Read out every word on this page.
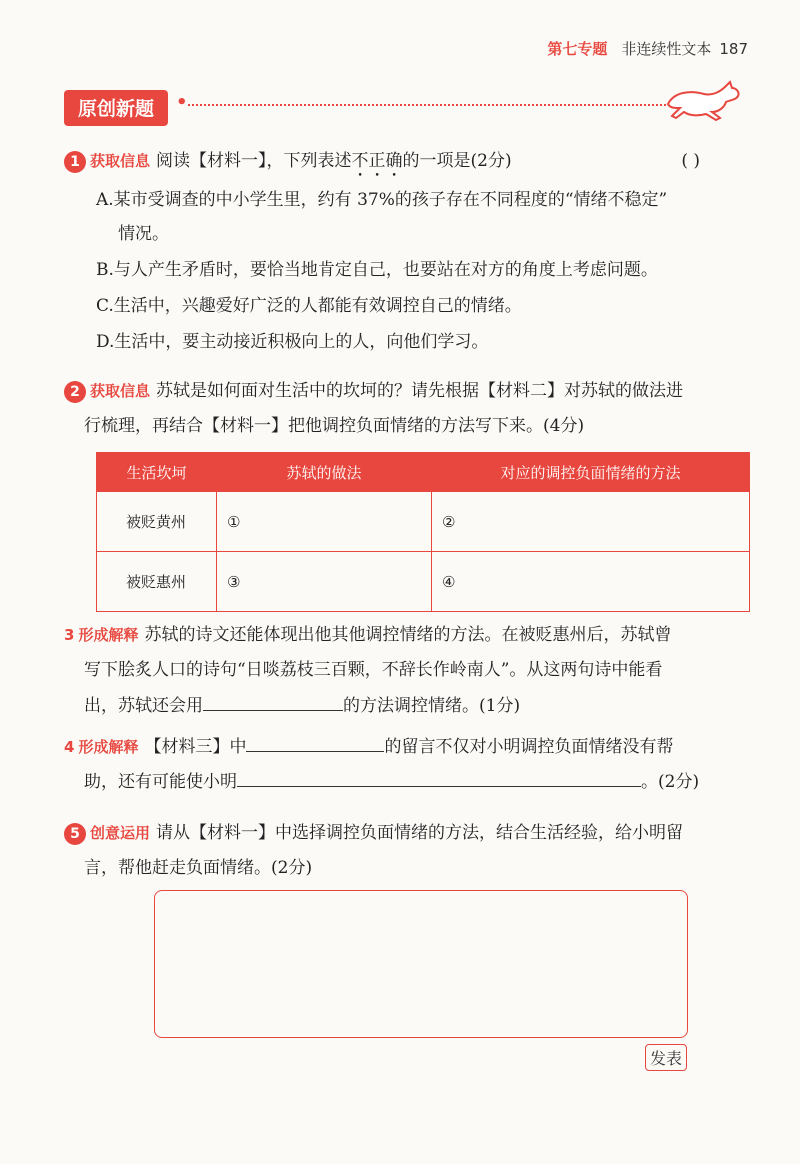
第七专题 非连续性文本 187
原创新题	•
1 获取信息 阅读【材料一】，下列表述不正确的一项是(2分)	( )
A.某市受调查的中小学生里，约有 37%的孩子存在不同程度的“情绪不稳定”
情况。
B.与人产生矛盾时，要恰当地肯定自己，也要站在对方的角度上考虑问题。
C.生活中，兴趣爱好广泛的人都能有效调控自己的情绪。
D.生活中，要主动接近积极向上的人，向他们学习。
2 获取信息 苏轼是如何面对生活中的坎坷的？请先根据【材料二】对苏轼的做法进
行梳理，再结合【材料一】把他调控负面情绪的方法写下来。(4分)
生活坎坷	苏轼的做法	对应的调控负面情绪的方法
被贬黄州	①	②
被贬惠州	③	④
3 形成解释 苏轼的诗文还能体现出他其他调控情绪的方法。在被贬惠州后，苏轼曾
写下脍炙人口的诗句“日啖荔枝三百颗，不辞长作岭南人”。从这两句诗中能看
出，苏轼还会用	的方法调控情绪。(1分)
4 形成解释 【材料三】中	的留言不仅对小明调控负面情绪没有帮
助，还有可能使小明	。(2分)
5 创意运用 请从【材料一】中选择调控负面情绪的方法，结合生活经验，给小明留
言，帮他赶走负面情绪。(2分)
发表
